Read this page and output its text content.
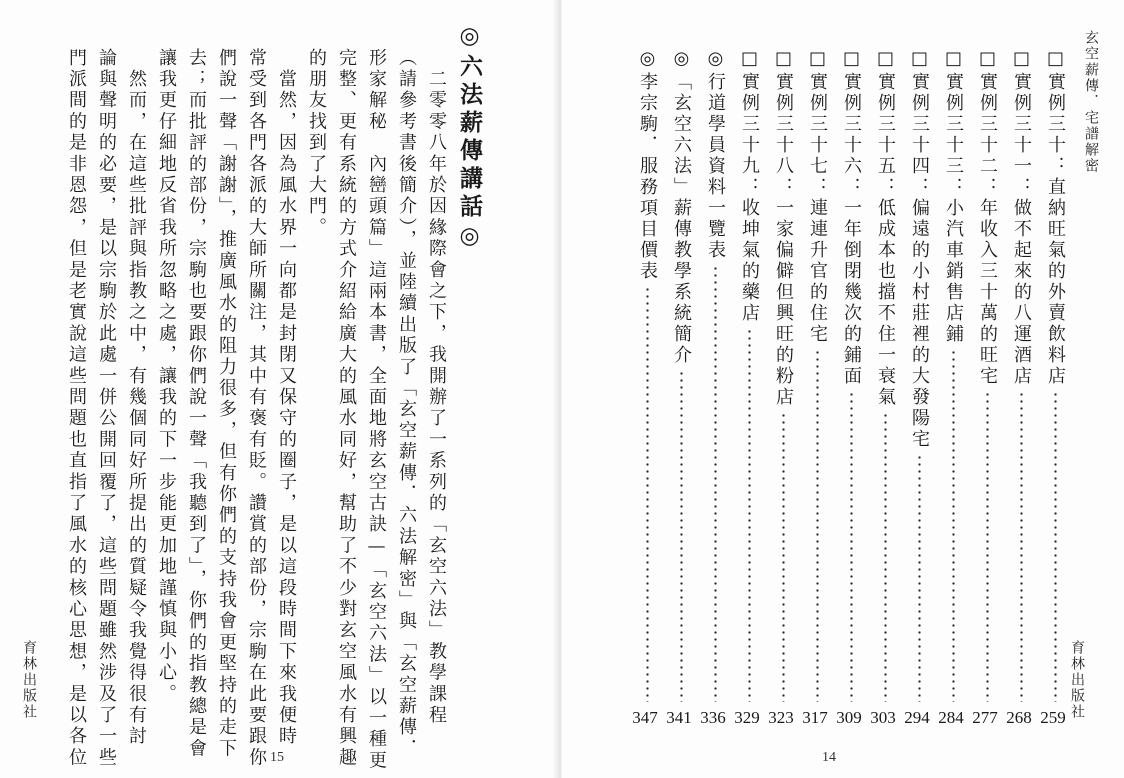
◎六法薪傳講話◎
　二零零八年於因緣際會之下，我開辦了一系列的「玄空六法」教學課程
（請參考書後簡介），並陸續出版了「玄空薪傳．六法解密」與「玄空薪傳．
形家解秘　內巒頭篇」這兩本書，全面地將玄空古訣—「玄空六法」以一種更
完整、更有系統的方式介紹給廣大的風水同好，幫助了不少對玄空風水有興趣
的朋友找到了大門。
　當然，因為風水界一向都是封閉又保守的圈子，是以這段時間下來我便時
常受到各門各派的大師所關注，其中有褒有貶。讚賞的部份，宗駒在此要跟你
們說一聲「謝謝」，推廣風水的阻力很多，但有你們的支持我會更堅持的走下
去；而批評的部份，宗駒也要跟你們說一聲「我聽到了」，你們的指教總是會
讓我更仔細地反省我所忽略之處，讓我的下一步能更加地謹慎與小心。
　然而，在這些批評與指教之中，有幾個同好所提出的質疑令我覺得很有討
論與聲明的必要，是以宗駒於此處一併公開回覆了，這些問題雖然涉及了一些
門派間的是非恩怨，但是老實說這些問題也直指了風水的核心思想，是以各位
育林出版社
15
玄空薪傳．宅譜解密
□實例三十：直納旺氣的外賣飲料店
259
□實例三十一：做不起來的八運酒店
268
□實例三十二：年收入三十萬的旺宅
277
□實例三十三：小汽車銷售店鋪
284
□實例三十四：偏遠的小村莊裡的大發陽宅
294
□實例三十五：低成本也擋不住一衰氣
303
□實例三十六：一年倒閉幾次的鋪面
309
□實例三十七：連連升官的住宅
317
□實例三十八：一家偏僻但興旺的粉店
323
□實例三十九：收坤氣的藥店
329
◎行道學員資料一覽表
336
◎「玄空六法」薪傳教學系統簡介
341
◎李宗駒．服務項目價表
347	育林出版社
14
